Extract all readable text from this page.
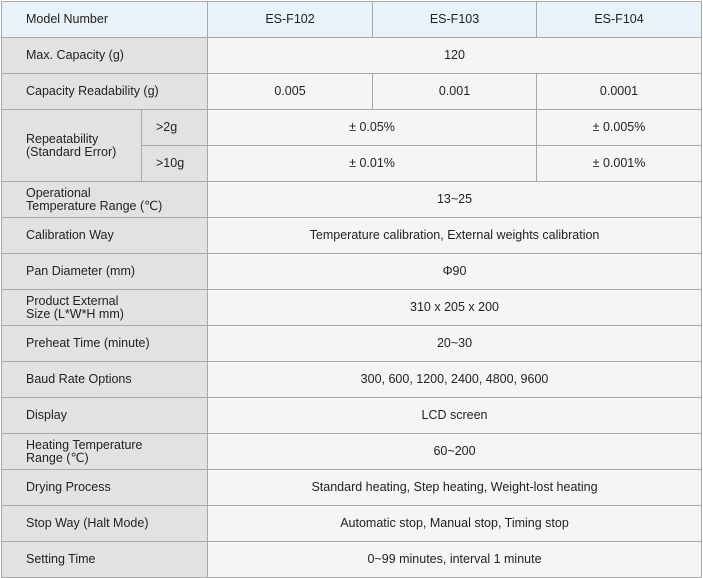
Model Number		ES-F102	ES-F103	ES-F104
Max. Capacity (g)		120		
Capacity Readability (g)		0.005	0.001	0.0001

Repeatability
(Standard Error)	>2g	± 0.05%		± 0.005%
	>10g	± 0.01%		± 0.001%

Operational
Temperature Range (℃)		13~25		
Calibration Way		Temperature calibration, External weights calibration		
Pan Diameter (mm)		Φ90		

Product External
Size (L*W*H mm)		310 x 205 x 200		
Preheat Time (minute)		20~30		
Baud Rate Options		300, 600, 1200, 2400, 4800, 9600		
Display		LCD screen		

Heating Temperature
Range (℃)		60~200		
Drying Process		Standard heating, Step heating, Weight-lost heating		
Stop Way (Halt Mode)		Automatic stop, Manual stop, Timing stop		
Setting Time		0~99 minutes, interval 1 minute		
